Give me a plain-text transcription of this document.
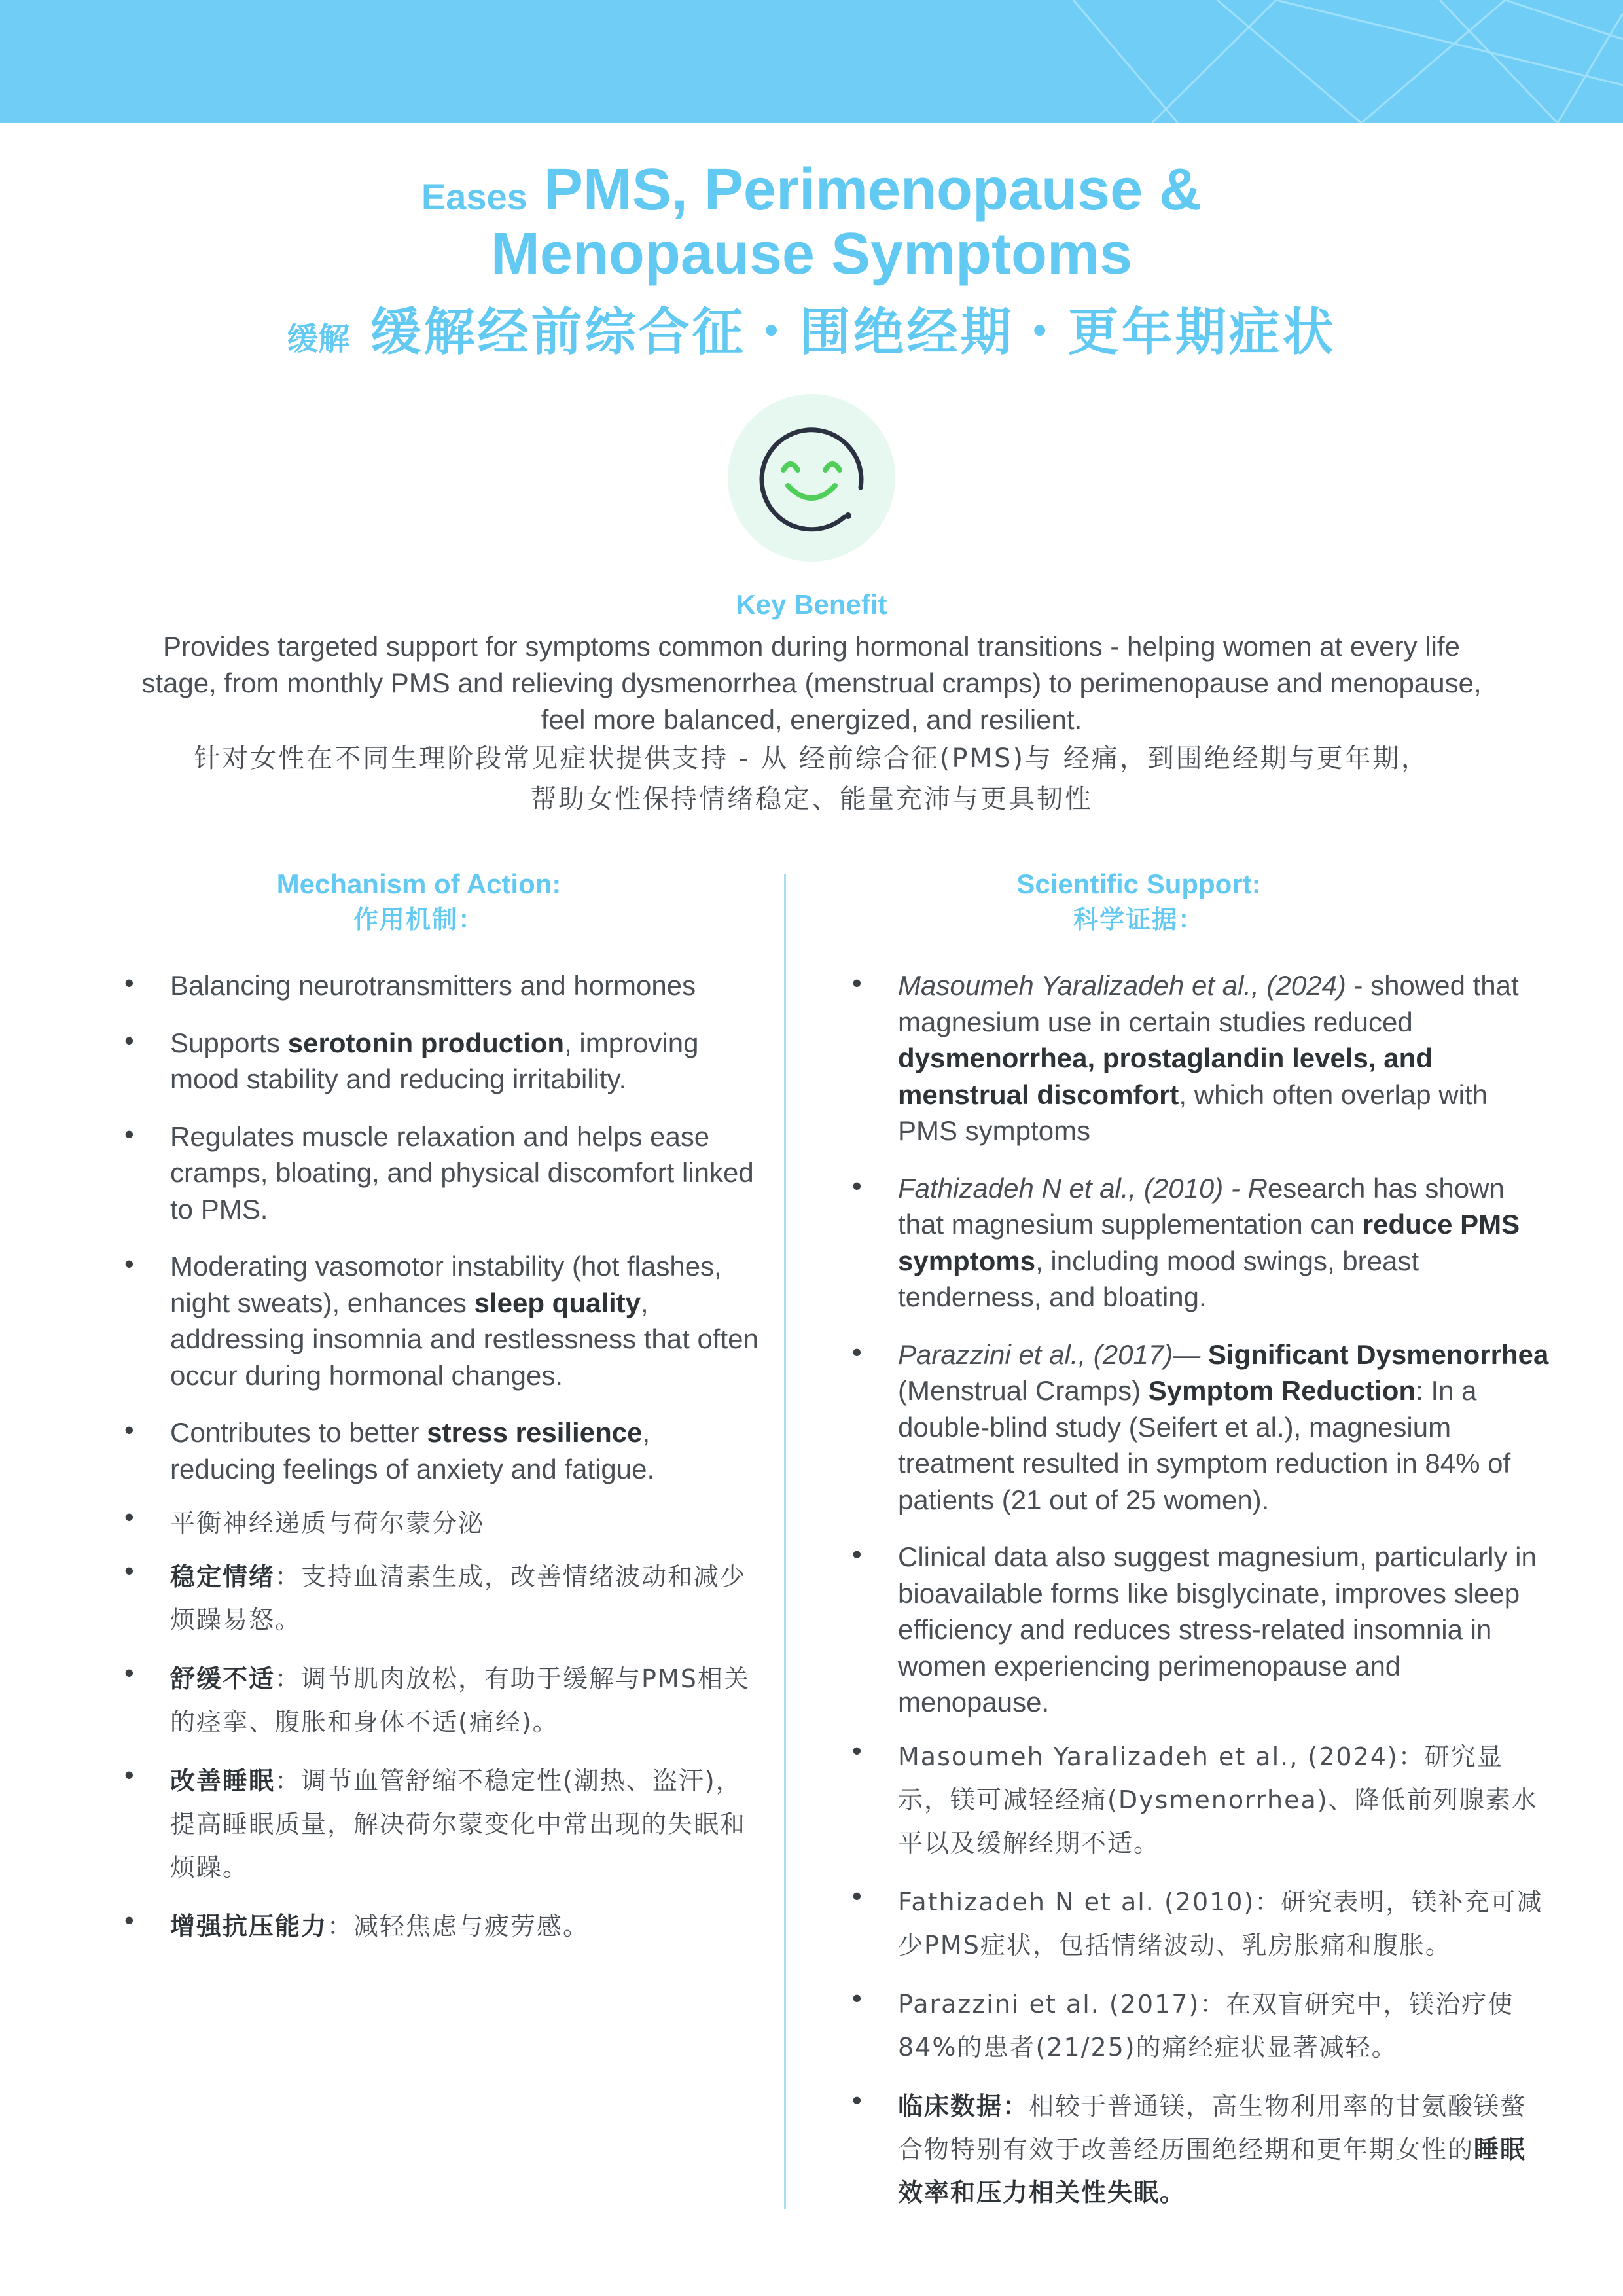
Eases PMS, Perimenopause &
Menopause Symptoms
缓解 缓解经前综合征・围绝经期・更年期症状
Key Benefit
Provides targeted support for symptoms common during hormonal transitions - helping women at every life
stage, from monthly PMS and relieving dysmenorrhea (menstrual cramps) to perimenopause and menopause,
feel more balanced, energized, and resilient.
针对女性在不同生理阶段常见症状提供支持 - 从 经前综合征(PMS)与 经痛，到围绝经期与更年期，
帮助女性保持情绪稳定、能量充沛与更具韧性
Mechanism of Action:
作用机制：
Scientific Support:
科学证据：
• Balancing neurotransmitters and hormones
• Supports serotonin production, improving mood stability and reducing irritability.
• Regulates muscle relaxation and helps ease cramps, bloating, and physical discomfort linked to PMS.
• Moderating vasomotor instability (hot flashes, night sweats), enhances sleep quality, addressing insomnia and restlessness that often occur during hormonal changes.
• Contributes to better stress resilience, reducing feelings of anxiety and fatigue.
• 平衡神经递质与荷尔蒙分泌
• 稳定情绪：支持血清素生成，改善情绪波动和减少烦躁易怒。
• 舒缓不适：调节肌肉放松，有助于缓解与PMS相关的痉挛、腹胀和身体不适(痛经)。
• 改善睡眠：调节血管舒缩不稳定性(潮热、盗汗)，提高睡眠质量，解决荷尔蒙变化中常出现的失眠和烦躁。
• 增强抗压能力：减轻焦虑与疲劳感。
• Masoumeh Yaralizadeh et al., (2024) - showed that magnesium use in certain studies reduced dysmenorrhea, prostaglandin levels, and menstrual discomfort, which often overlap with PMS symptoms
• Fathizadeh N et al., (2010) - Research has shown that magnesium supplementation can reduce PMS symptoms, including mood swings, breast tenderness, and bloating.
• Parazzini et al., (2017)— Significant Dysmenorrhea (Menstrual Cramps) Symptom Reduction: In a double-blind study (Seifert et al.), magnesium treatment resulted in symptom reduction in 84% of patients (21 out of 25 women).
• Clinical data also suggest magnesium, particularly in bioavailable forms like bisglycinate, improves sleep efficiency and reduces stress-related insomnia in women experiencing perimenopause and menopause.
• Masoumeh Yaralizadeh et al., (2024)：研究显示，镁可减轻经痛(Dysmenorrhea)、降低前列腺素水平以及缓解经期不适。
• Fathizadeh N et al. (2010)：研究表明，镁补充可减少PMS症状，包括情绪波动、乳房胀痛和腹胀。
• Parazzini et al. (2017)：在双盲研究中，镁治疗使84%的患者(21/25)的痛经症状显著减轻。
• 临床数据：相较于普通镁，高生物利用率的甘氨酸镁螯合物特别有效于改善经历围绝经期和更年期女性的睡眠效率和压力相关性失眠。
